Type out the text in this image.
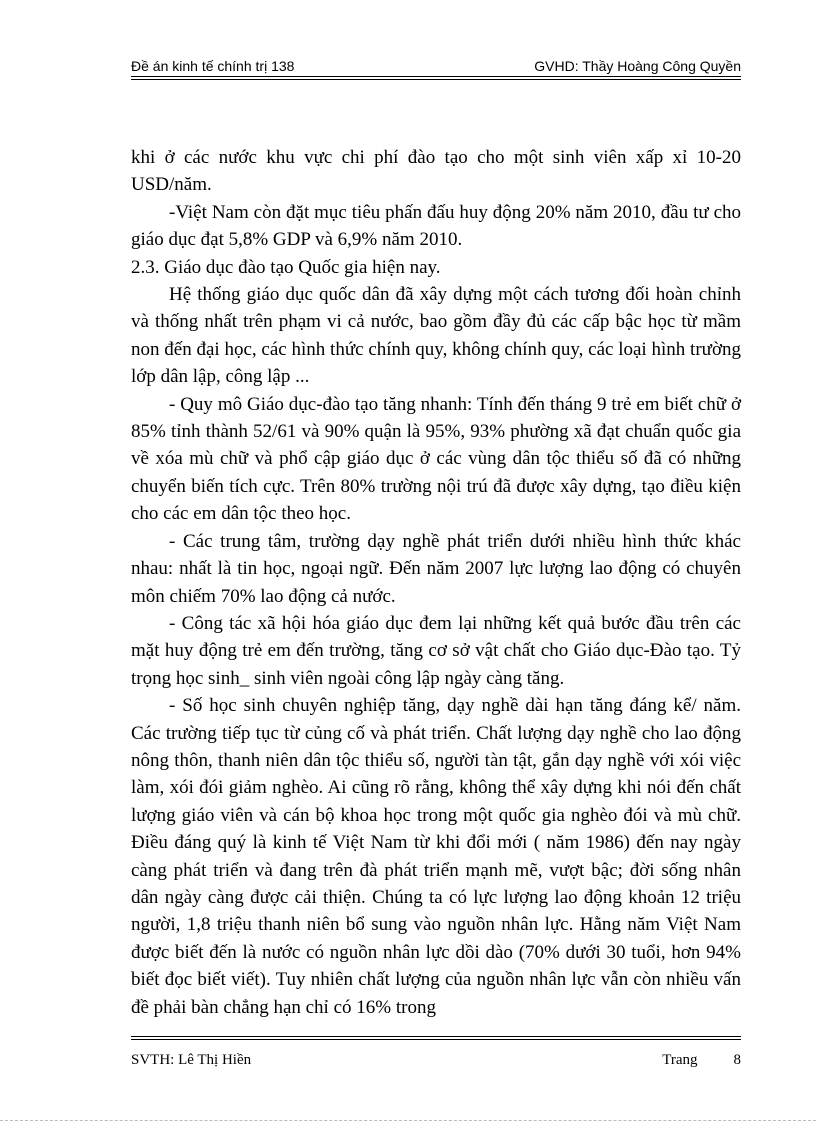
Đề án kinh tế chính trị 138	GVHD: Thầy Hoàng Công Quyền

khi ở các nước khu vực chi phí đào tạo cho một sinh viên xấp xỉ 10-20 USD/năm.

-Việt Nam còn đặt mục tiêu phấn đấu huy động 20% năm 2010, đầu tư cho giáo dục đạt 5,8% GDP và 6,9% năm 2010.

2.3. Giáo dục đào tạo Quốc gia hiện nay.

Hệ thống giáo dục quốc dân đã xây dựng một cách tương đối hoàn chỉnh và thống nhất trên phạm vi cả nước, bao gồm đầy đủ các cấp bậc học từ mầm non đến đại học, các hình thức chính quy, không chính quy, các loại hình trường lớp dân lập, công lập ...

- Quy mô Giáo dục-đào tạo tăng nhanh: Tính đến tháng 9 trẻ em biết chữ ở 85% tỉnh thành 52/61 và 90% quận là 95%, 93% phường xã đạt chuẩn quốc gia về xóa mù chữ và phổ cập giáo dục ở các vùng dân tộc thiểu số đã có những chuyển biến tích cực. Trên 80% trường nội trú đã được xây dựng, tạo điều kiện cho các em dân tộc theo học.

- Các trung tâm, trường dạy nghề phát triển dưới nhiều hình thức khác nhau: nhất là tin học, ngoại ngữ. Đến năm 2007 lực lượng lao động có chuyên môn chiếm 70% lao động cả nước.

- Công tác xã hội hóa giáo dục đem lại những kết quả bước đầu trên các mặt huy động trẻ em đến trường, tăng cơ sở vật chất cho Giáo dục-Đào tạo. Tỷ trọng học sinh_ sinh viên ngoài công lập ngày càng tăng.

- Số học sinh chuyên nghiệp tăng, dạy nghề dài hạn tăng đáng kể/ năm. Các trường tiếp tục từ củng cố và phát triển. Chất lượng dạy nghề cho lao động nông thôn, thanh niên dân tộc thiểu số, người tàn tật, gắn dạy nghề với xói việc làm, xói đói giảm nghèo. Ai cũng rõ rằng, không thể xây dựng khi nói đến chất lượng giáo viên và cán bộ khoa học trong một quốc gia nghèo đói và mù chữ. Điều đáng quý là kinh tế Việt Nam từ khi đổi mới ( năm 1986) đến nay ngày càng phát triển và đang trên đà phát triển mạnh mẽ, vượt bậc; đời sống nhân dân ngày càng được cải thiện. Chúng ta có lực lượng lao động khoản 12 triệu người, 1,8 triệu thanh niên bổ sung vào nguồn nhân lực. Hằng năm Việt Nam được biết đến là nước có nguồn nhân lực dồi dào (70% dưới 30 tuổi, hơn 94% biết đọc biết viết). Tuy nhiên chất lượng của nguồn nhân lực vẫn còn nhiều vấn đề phải bàn chẳng hạn chỉ có 16% trong

SVTH: Lê Thị Hiền	Trang 8
